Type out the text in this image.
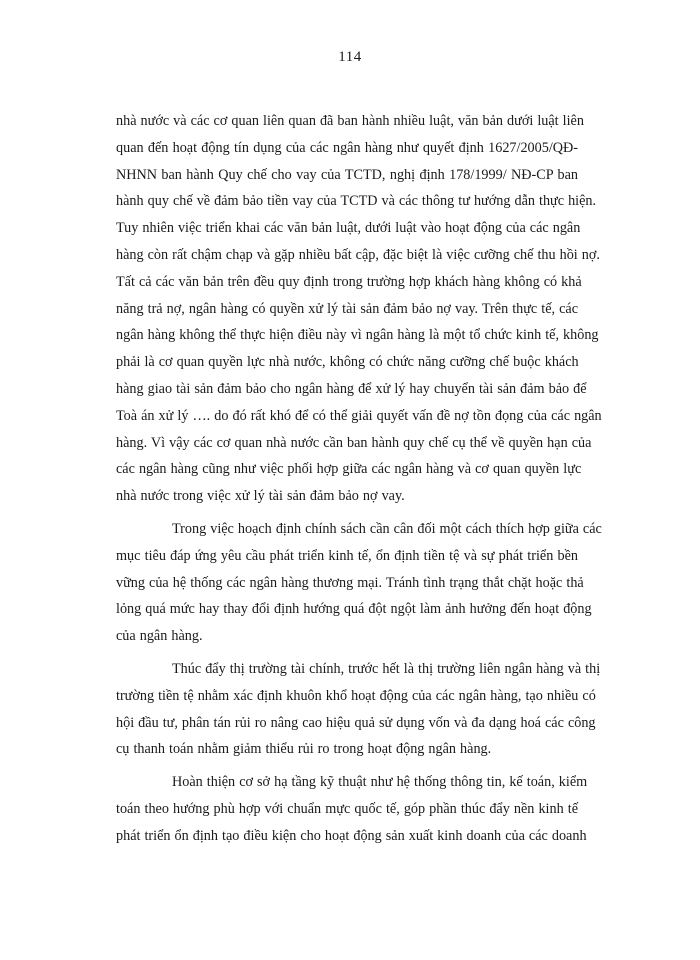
114

nhà nước và các cơ quan liên quan đã ban hành nhiều luật, văn bản dưới luật liên
quan đến hoạt động tín dụng của các ngân hàng như quyết định 1627/2005/QĐ-
NHNN ban hành Quy chế cho vay của TCTD, nghị định 178/1999/ NĐ-CP ban
hành quy chế về đảm bảo tiền vay của TCTD và các thông tư hướng dẫn thực hiện.
Tuy nhiên việc triển khai các văn bản luật, dưới luật vào hoạt động của các ngân
hàng còn rất chậm chạp và gặp nhiều bất cập, đặc biệt là việc cưỡng chế thu hồi nợ.
Tất cả các văn bản trên đều quy định trong trường hợp khách hàng không có khả
năng trả nợ, ngân hàng có quyền xử lý tài sản đảm bảo nợ vay. Trên thực tế, các
ngân hàng không thể thực hiện điều này vì ngân hàng là một tổ chức kinh tế, không
phải là cơ quan quyền lực nhà nước, không có chức năng cưỡng chế buộc khách
hàng giao tài sản đảm bảo cho ngân hàng để xử lý hay chuyển tài sản đảm bảo để
Toà án xử lý …. do đó rất khó để có thể giải quyết vấn đề nợ tồn đọng của các ngân
hàng. Vì vậy các cơ quan nhà nước cần ban hành quy chế cụ thể về quyền hạn của
các ngân hàng cũng như việc phối hợp giữa các ngân hàng và cơ quan quyền lực
nhà nước trong việc xử lý tài sản đảm bảo nợ vay.

Trong việc hoạch định chính sách cần cân đối một cách thích hợp giữa các
mục tiêu đáp ứng yêu cầu phát triển kinh tế, ổn định tiền tệ và sự phát triển bền
vững của hệ thống các ngân hàng thương mại. Tránh tình trạng thắt chặt hoặc thả
lỏng quá mức hay thay đổi định hướng quá đột ngột làm ảnh hưởng đến hoạt động
của ngân hàng.

Thúc đẩy thị trường tài chính, trước hết là thị trường liên ngân hàng và thị
trường tiền tệ nhằm xác định khuôn khổ hoạt động của các ngân hàng, tạo nhiều có
hội đầu tư, phân tán rủi ro nâng cao hiệu quả sử dụng vốn và đa dạng hoá các công
cụ thanh toán nhằm giảm thiểu rủi ro trong hoạt động ngân hàng.

Hoàn thiện cơ sở hạ tầng kỹ thuật như hệ thống thông tin, kế toán, kiểm
toán theo hướng phù hợp với chuẩn mực quốc tế, góp phần thúc đẩy nền kinh tế
phát triển ổn định tạo điều kiện cho hoạt động sản xuất kinh doanh của các doanh
